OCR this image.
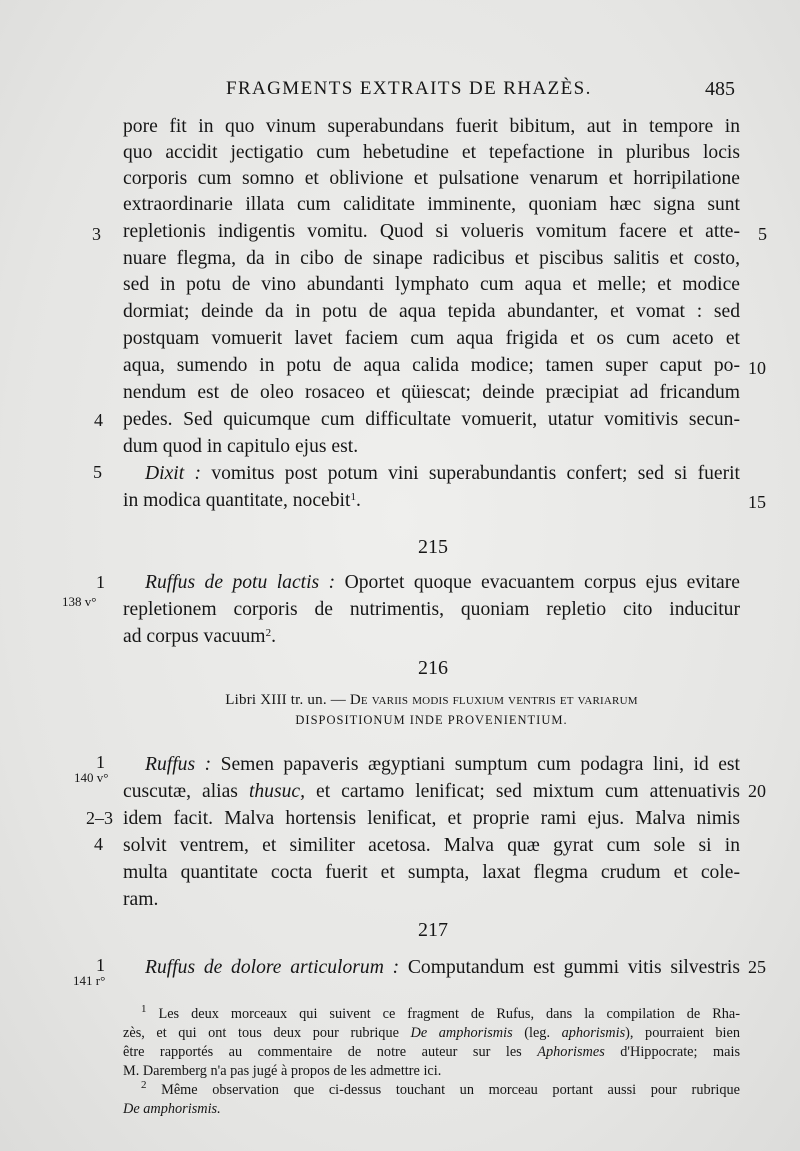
FRAGMENTS EXTRAITS DE RHAZÈS.	485
pore fit in quo vinum superabundans fuerit bibitum, aut in tempore in
quo accidit jectigatio cum hebetudine et tepefactione in pluribus locis
corporis cum somno et oblivione et pulsatione venarum et horripilatione
extraordinarie illata cum caliditate imminente, quoniam hæc signa sunt
repletionis indigentis vomitu. Quod si volueris vomitum facere et atte-
nuare flegma, da in cibo de sinape radicibus et piscibus salitis et costo,
sed in potu de vino abundanti lymphato cum aqua et melle; et modice
dormiat; deinde da in potu de aqua tepida abundanter, et vomat : sed
postquam vomuerit lavet faciem cum aqua frigida et os cum aceto et
aqua, sumendo in potu de aqua calida modice; tamen super caput po-
nendum est de oleo rosaceo et qüiescat; deinde præcipiat ad fricandum
pedes. Sed quicumque cum difficultate vomuerit, utatur vomitivis secun-
dum quod in capitulo ejus est.
Dixit : vomitus post potum vini superabundantis confert; sed si fuerit
in modica quantitate, nocebit$^1$.
215
Ruffus de potu lactis : Oportet quoque evacuantem corpus ejus evitare
repletionem corporis de nutrimentis, quoniam repletio cito inducitur
ad corpus vacuum$^2$.
216
Libri XIII tr. un. — De variis modis fluxium ventris et variarum
DISPOSITIONUM INDE PROVENIENTIUM.
Ruffus : Semen papaveris ægyptiani sumptum cum podagra lini, id est
cuscutæ, alias thusuc, et cartamo lenificat; sed mixtum cum attenuativis
idem facit. Malva hortensis lenificat, et proprie rami ejus. Malva nimis
solvit ventrem, et similiter acetosa. Malva quæ gyrat cum sole si in
multa quantitate cocta fuerit et sumpta, laxat flegma crudum et cole-
ram.
217
Ruffus de dolore articulorum : Computandum est gummi vitis silvestris
3
4
5
1
138 v°
1
140 v°
2–3
4
1
141 r°
5
10
15
20
25
$^1$ Les deux morceaux qui suivent ce fragment de Rufus, dans la compilation de Rha-
zès, et qui ont tous deux pour rubrique De amphorismis (leg. aphorismis), pourraient bien
être rapportés au commentaire de notre auteur sur les Aphorismes d'Hippocrate; mais
M. Daremberg n'a pas jugé à propos de les admettre ici.
$^2$ Même observation que ci-dessus touchant un morceau portant aussi pour rubrique
De amphorismis.
